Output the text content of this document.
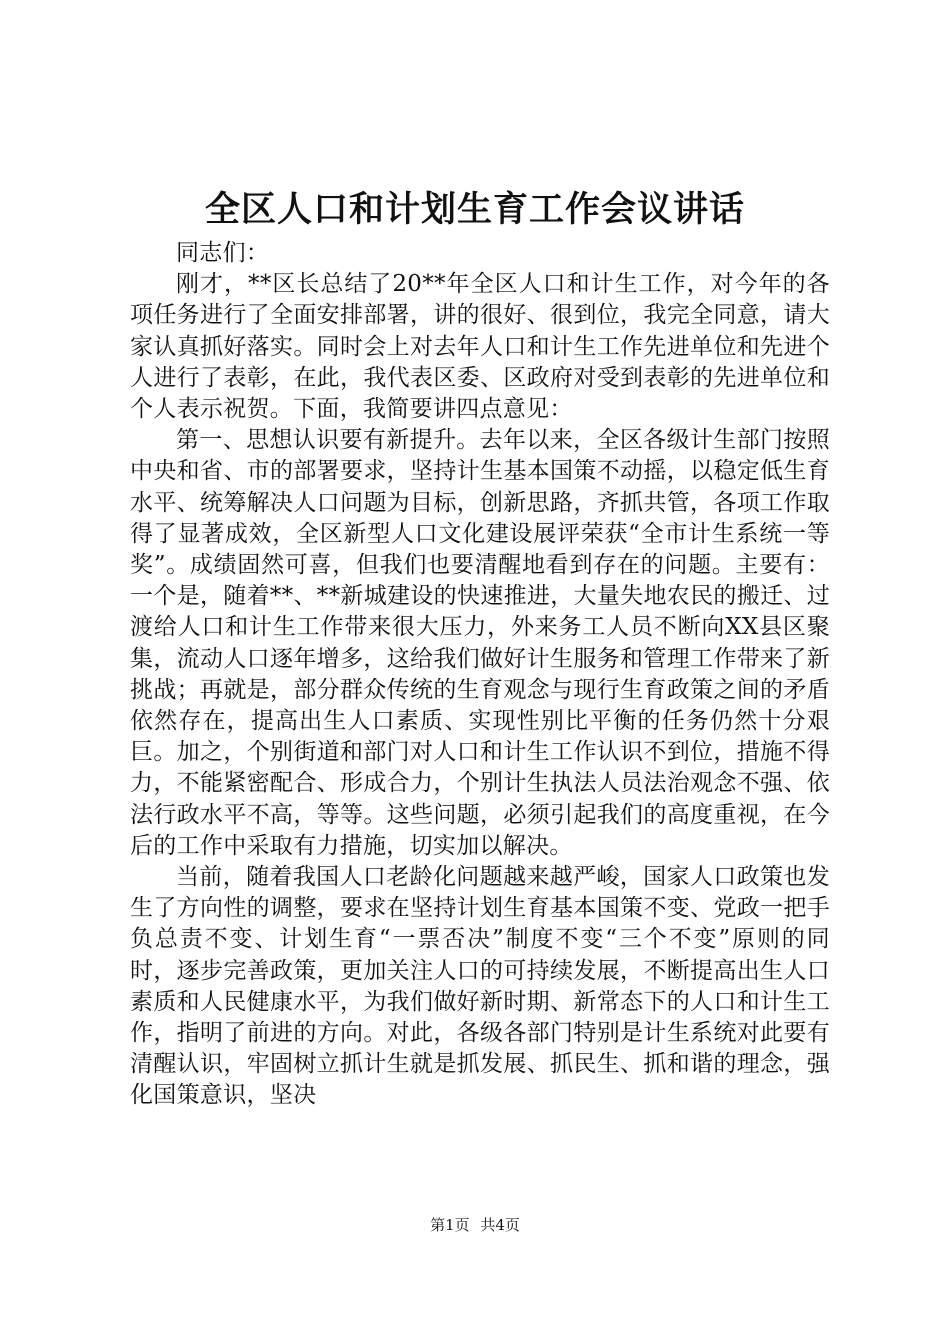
全区人口和计划生育工作会议讲话

同志们：

刚才，**区长总结了20**年全区人口和计生工作，对今年的各项任务进行了全面安排部署，讲的很好、很到位，我完全同意，请大家认真抓好落实。同时会上对去年人口和计生工作先进单位和先进个人进行了表彰，在此，我代表区委、区政府对受到表彰的先进单位和个人表示祝贺。下面，我简要讲四点意见：

第一、思想认识要有新提升。去年以来，全区各级计生部门按照中央和省、市的部署要求，坚持计生基本国策不动摇，以稳定低生育水平、统筹解决人口问题为目标，创新思路，齐抓共管，各项工作取得了显著成效，全区新型人口文化建设展评荣获“全市计生系统一等奖”。成绩固然可喜，但我们也要清醒地看到存在的问题。主要有：一个是，随着**、**新城建设的快速推进，大量失地农民的搬迁、过渡给人口和计生工作带来很大压力，外来务工人员不断向XX县区聚集，流动人口逐年增多，这给我们做好计生服务和管理工作带来了新挑战；再就是，部分群众传统的生育观念与现行生育政策之间的矛盾依然存在，提高出生人口素质、实现性别比平衡的任务仍然十分艰巨。加之，个别街道和部门对人口和计生工作认识不到位，措施不得力，不能紧密配合、形成合力，个别计生执法人员法治观念不强、依法行政水平不高，等等。这些问题，必须引起我们的高度重视，在今后的工作中采取有力措施，切实加以解决。

当前，随着我国人口老龄化问题越来越严峻，国家人口政策也发生了方向性的调整，要求在坚持计划生育基本国策不变、党政一把手负总责不变、计划生育“一票否决”制度不变“三个不变”原则的同时，逐步完善政策，更加关注人口的可持续发展，不断提高出生人口素质和人民健康水平，为我们做好新时期、新常态下的人口和计生工作，指明了前进的方向。对此，各级各部门特别是计生系统对此要有清醒认识，牢固树立抓计生就是抓发展、抓民生、抓和谐的理念，强化国策意识，坚决

第1页 共4页
